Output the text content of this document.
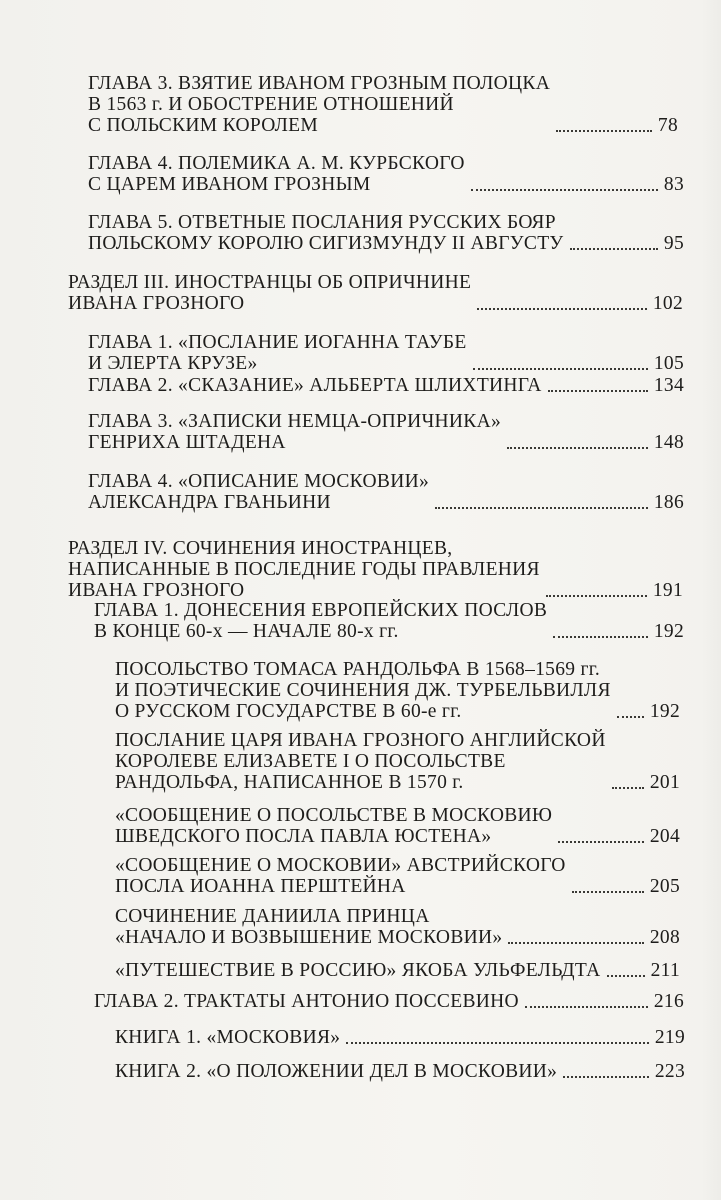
ГЛАВА 3. ВЗЯТИЕ ИВАНОМ ГРОЗНЫМ ПОЛОЦКА
В 1563 г. И ОБОСТРЕНИЕ ОТНОШЕНИЙ
С ПОЛЬСКИМ КОРОЛЕМ	78
ГЛАВА 4. ПОЛЕМИКА А. М. КУРБСКОГО
С ЦАРЕМ ИВАНОМ ГРОЗНЫМ	83
ГЛАВА 5. ОТВЕТНЫЕ ПОСЛАНИЯ РУССКИХ БОЯР
ПОЛЬСКОМУ КОРОЛЮ СИГИЗМУНДУ II АВГУСТУ	95
РАЗДЕЛ III. ИНОСТРАНЦЫ ОБ ОПРИЧНИНЕ
ИВАНА ГРОЗНОГО	102
ГЛАВА 1. «ПОСЛАНИЕ ИОГАННА ТАУБЕ
И ЭЛЕРТА КРУЗЕ»	105
ГЛАВА 2. «СКАЗАНИЕ» АЛЬБЕРТА ШЛИХТИНГА	134
ГЛАВА 3. «ЗАПИСКИ НЕМЦА-ОПРИЧНИКА»
ГЕНРИХА ШТАДЕНА	148
ГЛАВА 4. «ОПИСАНИЕ МОСКОВИИ»
АЛЕКСАНДРА ГВАНЬИНИ	186
РАЗДЕЛ IV. СОЧИНЕНИЯ ИНОСТРАНЦЕВ,
НАПИСАННЫЕ В ПОСЛЕДНИЕ ГОДЫ ПРАВЛЕНИЯ
ИВАНА ГРОЗНОГО	191
ГЛАВА 1. ДОНЕСЕНИЯ ЕВРОПЕЙСКИХ ПОСЛОВ
В КОНЦЕ 60-х — НАЧАЛЕ 80-х гг.	192
ПОСОЛЬСТВО ТОМАСА РАНДОЛЬФА В 1568–1569 гг.
И ПОЭТИЧЕСКИЕ СОЧИНЕНИЯ ДЖ. ТУРБЕЛЬВИЛЛЯ
О РУССКОМ ГОСУДАРСТВЕ В 60-е гг.	192
ПОСЛАНИЕ ЦАРЯ ИВАНА ГРОЗНОГО АНГЛИЙСКОЙ
КОРОЛЕВЕ ЕЛИЗАВЕТЕ I О ПОСОЛЬСТВЕ
РАНДОЛЬФА, НАПИСАННОЕ В 1570 г.	201
«СООБЩЕНИЕ О ПОСОЛЬСТВЕ В МОСКОВИЮ
ШВЕДСКОГО ПОСЛА ПАВЛА ЮСТЕНА»	204
«СООБЩЕНИЕ О МОСКОВИИ» АВСТРИЙСКОГО
ПОСЛА ИОАННА ПЕРШТЕЙНА	205
СОЧИНЕНИЕ ДАНИИЛА ПРИНЦА
«НАЧАЛО И ВОЗВЫШЕНИЕ МОСКОВИИ»	208
«ПУТЕШЕСТВИЕ В РОССИЮ» ЯКОБА УЛЬФЕЛЬДТА	211
ГЛАВА 2. ТРАКТАТЫ АНТОНИО ПОССЕВИНО	216
КНИГА 1. «МОСКОВИЯ»	219
КНИГА 2. «О ПОЛОЖЕНИИ ДЕЛ В МОСКОВИИ»	223
